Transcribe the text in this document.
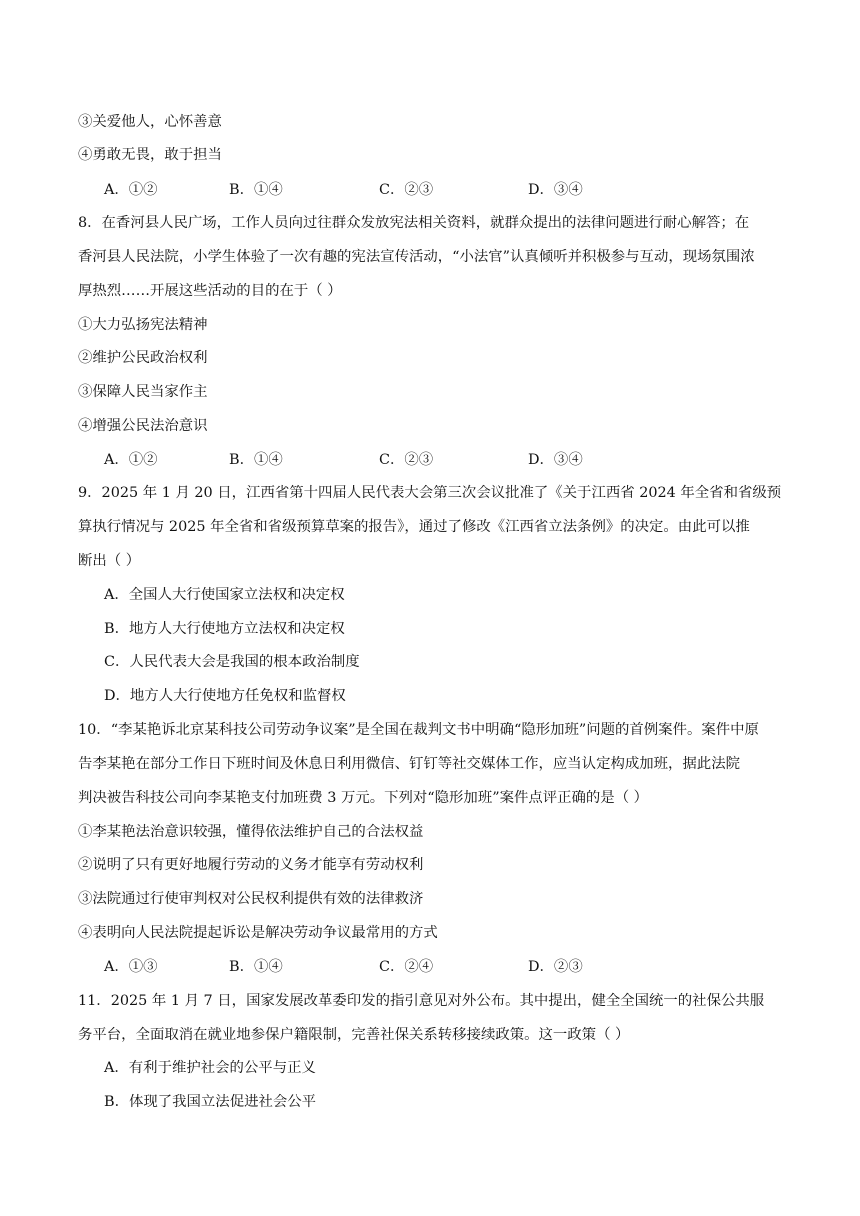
③关爱他人，心怀善意
④勇敢无畏，敢于担当
A．①②	B．①④	C．②③	D．③④
8．在香河县人民广场，工作人员向过往群众发放宪法相关资料，就群众提出的法律问题进行耐心解答；在
香河县人民法院，小学生体验了一次有趣的宪法宣传活动，“小法官”认真倾听并积极参与互动，现场氛围浓
厚热烈……开展这些活动的目的在于（ ）
①大力弘扬宪法精神
②维护公民政治权利
③保障人民当家作主
④增强公民法治意识
A．①②	B．①④	C．②③	D．③④
9．2025 年 1 月 20 日，江西省第十四届人民代表大会第三次会议批准了《关于江西省 2024 年全省和省级预
算执行情况与 2025 年全省和省级预算草案的报告》，通过了修改《江西省立法条例》的决定。由此可以推
断出（ ）
A．全国人大行使国家立法权和决定权
B．地方人大行使地方立法权和决定权
C．人民代表大会是我国的根本政治制度
D．地方人大行使地方任免权和监督权
10．“李某艳诉北京某科技公司劳动争议案”是全国在裁判文书中明确“隐形加班”问题的首例案件。案件中原
告李某艳在部分工作日下班时间及休息日利用微信、钉钉等社交媒体工作，应当认定构成加班，据此法院
判决被告科技公司向李某艳支付加班费 3 万元。下列对“隐形加班”案件点评正确的是（ ）
①李某艳法治意识较强，懂得依法维护自己的合法权益
②说明了只有更好地履行劳动的义务才能享有劳动权利
③法院通过行使审判权对公民权利提供有效的法律救济
④表明向人民法院提起诉讼是解决劳动争议最常用的方式
A．①③	B．①④	C．②④	D．②③
11．2025 年 1 月 7 日，国家发展改革委印发的指引意见对外公布。其中提出，健全全国统一的社保公共服
务平台，全面取消在就业地参保户籍限制，完善社保关系转移接续政策。这一政策（ ）
A．有利于维护社会的公平与正义
B．体现了我国立法促进社会公平
